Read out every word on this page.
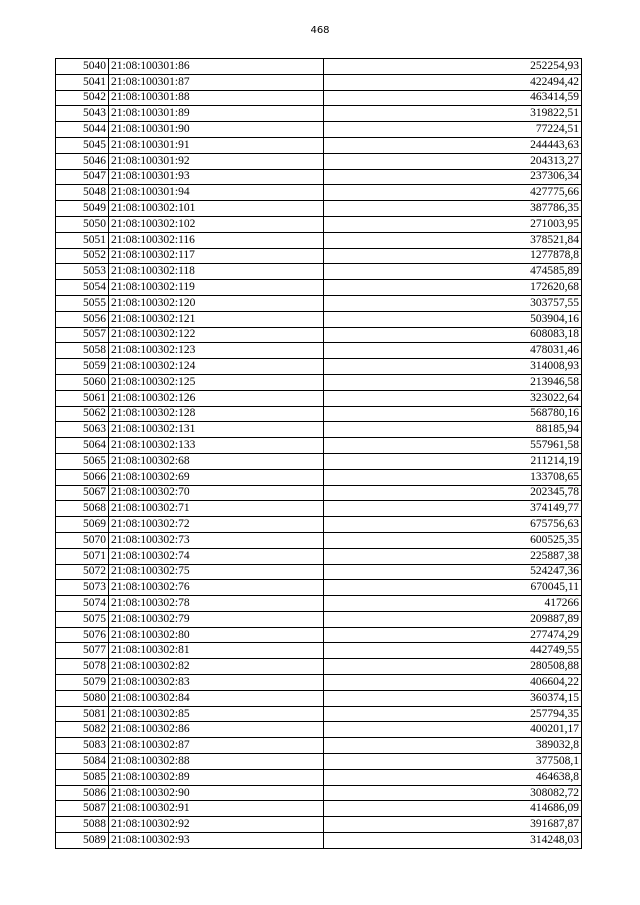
468
5040	21:08:100301:86	252254,93
5041	21:08:100301:87	422494,42
5042	21:08:100301:88	463414,59
5043	21:08:100301:89	319822,51
5044	21:08:100301:90	77224,51
5045	21:08:100301:91	244443,63
5046	21:08:100301:92	204313,27
5047	21:08:100301:93	237306,34
5048	21:08:100301:94	427775,66
5049	21:08:100302:101	387786,35
5050	21:08:100302:102	271003,95
5051	21:08:100302:116	378521,84
5052	21:08:100302:117	1277878,8
5053	21:08:100302:118	474585,89
5054	21:08:100302:119	172620,68
5055	21:08:100302:120	303757,55
5056	21:08:100302:121	503904,16
5057	21:08:100302:122	608083,18
5058	21:08:100302:123	478031,46
5059	21:08:100302:124	314008,93
5060	21:08:100302:125	213946,58
5061	21:08:100302:126	323022,64
5062	21:08:100302:128	568780,16
5063	21:08:100302:131	88185,94
5064	21:08:100302:133	557961,58
5065	21:08:100302:68	211214,19
5066	21:08:100302:69	133708,65
5067	21:08:100302:70	202345,78
5068	21:08:100302:71	374149,77
5069	21:08:100302:72	675756,63
5070	21:08:100302:73	600525,35
5071	21:08:100302:74	225887,38
5072	21:08:100302:75	524247,36
5073	21:08:100302:76	670045,11
5074	21:08:100302:78	417266
5075	21:08:100302:79	209887,89
5076	21:08:100302:80	277474,29
5077	21:08:100302:81	442749,55
5078	21:08:100302:82	280508,88
5079	21:08:100302:83	406604,22
5080	21:08:100302:84	360374,15
5081	21:08:100302:85	257794,35
5082	21:08:100302:86	400201,17
5083	21:08:100302:87	389032,8
5084	21:08:100302:88	377508,1
5085	21:08:100302:89	464638,8
5086	21:08:100302:90	308082,72
5087	21:08:100302:91	414686,09
5088	21:08:100302:92	391687,87
5089	21:08:100302:93	314248,03
